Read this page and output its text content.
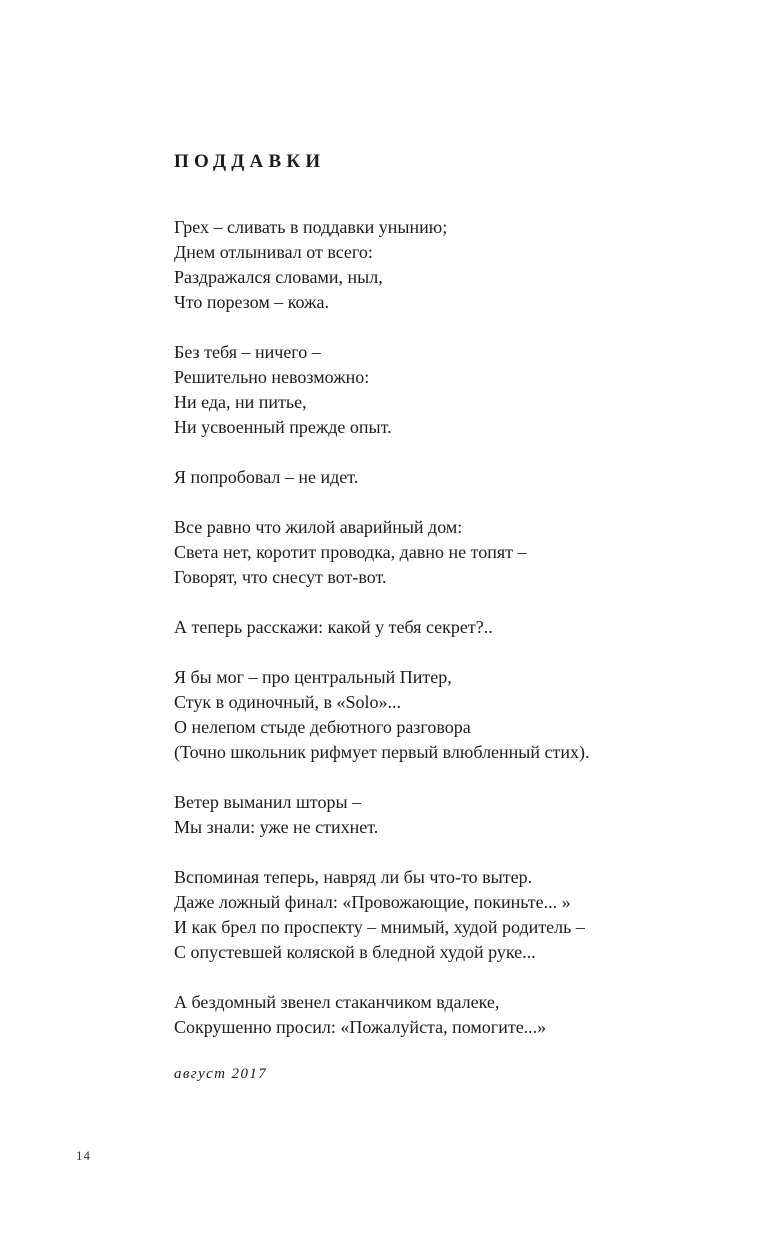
ПОДДАВКИ

Грех – сливать в поддавки унынию;
Днем отлынивал от всего:
Раздражался словами, ныл,
Что порезом – кожа.

Без тебя – ничего –
Решительно невозможно:
Ни еда, ни питье,
Ни усвоенный прежде опыт.

Я попробовал – не идет.

Все равно что жилой аварийный дом:
Света нет, коротит проводка, давно не топят –
Говорят, что снесут вот-вот.

А теперь расскажи: какой у тебя секрет?..

Я бы мог – про центральный Питер,
Стук в одиночный, в «Solo»...
О нелепом стыде дебютного разговора
(Точно школьник рифмует первый влюбленный стих).

Ветер выманил шторы –
Мы знали: уже не стихнет.

Вспоминая теперь, навряд ли бы что-то вытер.
Даже ложный финал: «Провожающие, покиньте... »
И как брел по проспекту – мнимый, худой родитель –
С опустевшей коляской в бледной худой руке...

А бездомный звенел стаканчиком вдалеке,
Сокрушенно просил: «Пожалуйста, помогите...»

август 2017
14
